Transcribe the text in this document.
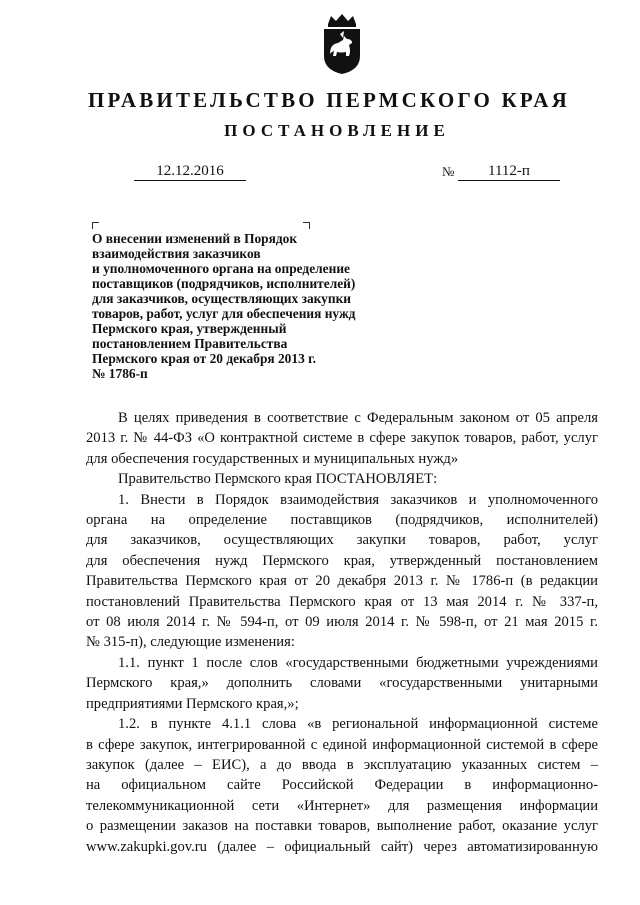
ПРАВИТЕЛЬСТВО ПЕРМСКОГО КРАЯ
ПОСТАНОВЛЕНИЕ
12.12.2016	№	1112-п
О внесении изменений в Порядок
взаимодействия заказчиков
и уполномоченного органа на определение
поставщиков (подрядчиков, исполнителей)
для заказчиков, осуществляющих закупки
товаров, работ, услуг для обеспечения нужд
Пермского края, утвержденный
постановлением Правительства
Пермского края от 20 декабря 2013 г.
№ 1786-п
В целях приведения в соответствие с Федеральным законом от 05 апреля
2013 г. № 44-ФЗ «О контрактной системе в сфере закупок товаров, работ, услуг
для обеспечения государственных и муниципальных нужд»
Правительство Пермского края ПОСТАНОВЛЯЕТ:
1. Внести в Порядок взаимодействия заказчиков и уполномоченного
органа на определение поставщиков (подрядчиков, исполнителей)
для заказчиков, осуществляющих закупки товаров, работ, услуг
для обеспечения нужд Пермского края, утвержденный постановлением
Правительства Пермского края от 20 декабря 2013 г. № 1786-п (в редакции
постановлений Правительства Пермского края от 13 мая 2014 г. № 337-п,
от 08 июля 2014 г. № 594-п, от 09 июля 2014 г. № 598-п, от 21 мая 2015 г.
№ 315-п), следующие изменения:
1.1. пункт 1 после слов «государственными бюджетными учреждениями
Пермского края,» дополнить словами «государственными унитарными
предприятиями Пермского края,»;
1.2. в пункте 4.1.1 слова «в региональной информационной системе
в сфере закупок, интегрированной с единой информационной системой в сфере
закупок (далее – ЕИС), а до ввода в эксплуатацию указанных систем –
на официальном сайте Российской Федерации в информационно-
телекоммуникационной сети «Интернет» для размещения информации
о размещении заказов на поставки товаров, выполнение работ, оказание услуг
www.zakupki.gov.ru (далее – официальный сайт) через автоматизированную
